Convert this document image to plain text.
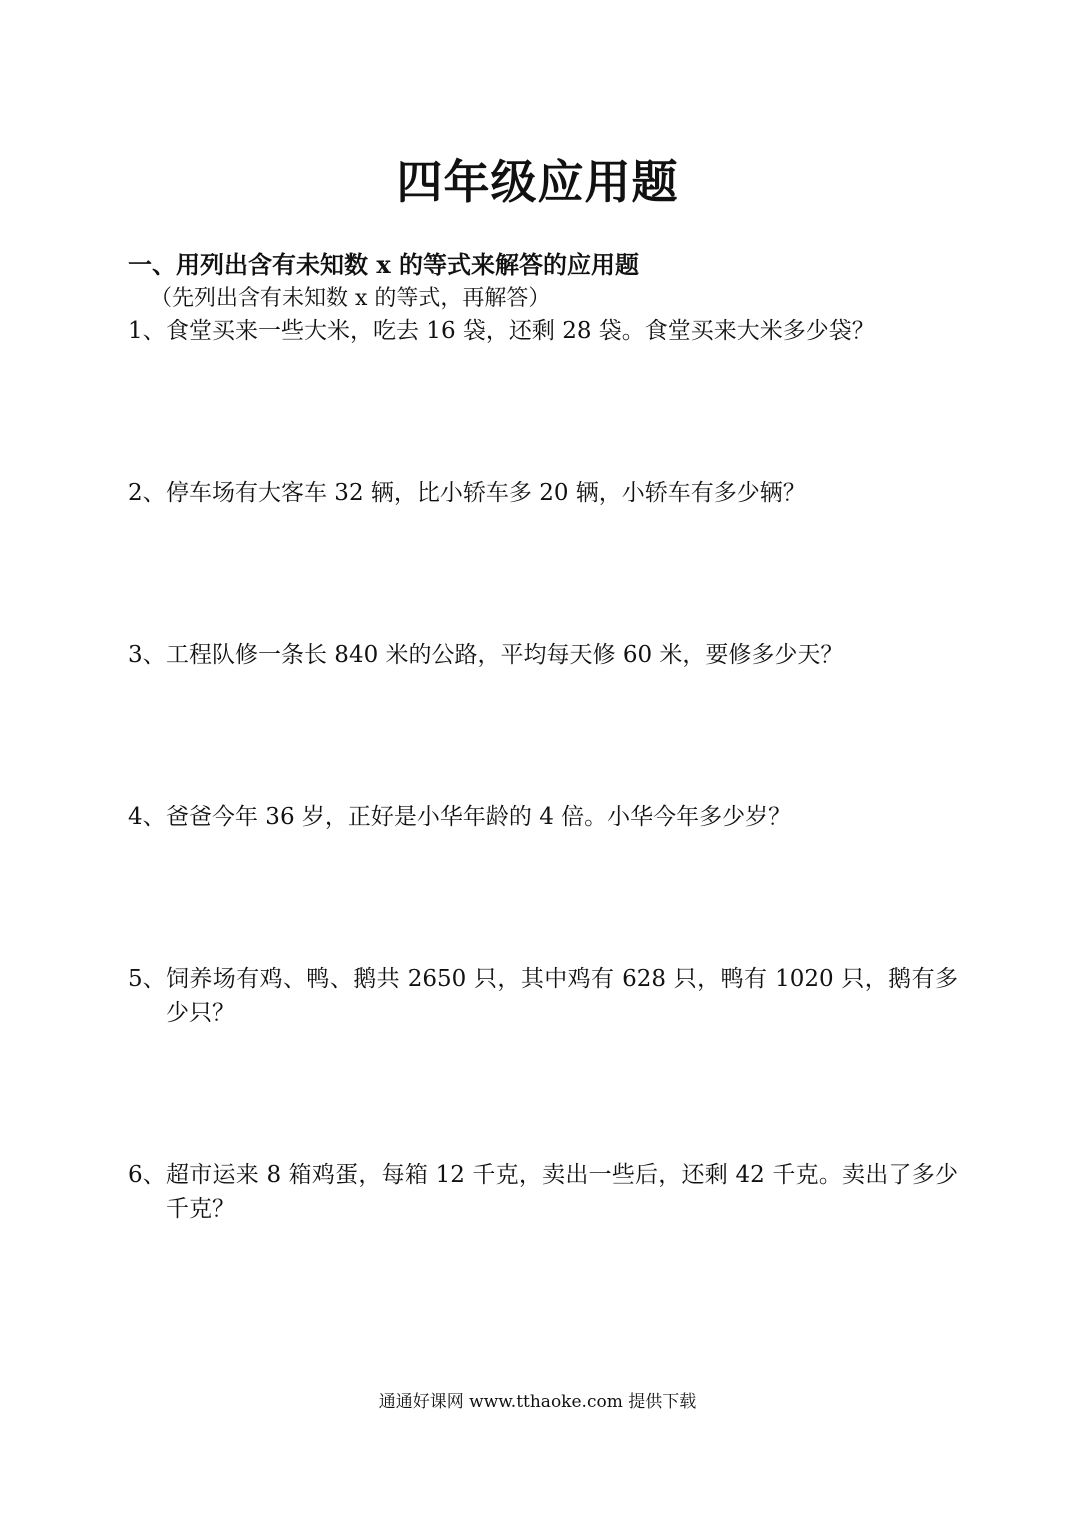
四年级应用题
一、用列出含有未知数 x 的等式来解答的应用题
（先列出含有未知数 x 的等式，再解答）
1、 食堂买来一些大米，吃去 16 袋，还剩 28 袋。食堂买来大米多少袋？
2、 停车场有大客车 32 辆，比小轿车多 20 辆，小轿车有多少辆？
3、 工程队修一条长 840 米的公路，平均每天修 60 米，要修多少天？
4、 爸爸今年 36 岁，正好是小华年龄的 4 倍。小华今年多少岁？
5、 饲养场有鸡、鸭、鹅共 2650 只，其中鸡有 628 只，鸭有 1020 只，鹅有多少只？
6、 超市运来 8 箱鸡蛋，每箱 12 千克，卖出一些后，还剩 42 千克。卖出了多少千克？
通通好课网 www.tthaoke.com 提供下载
